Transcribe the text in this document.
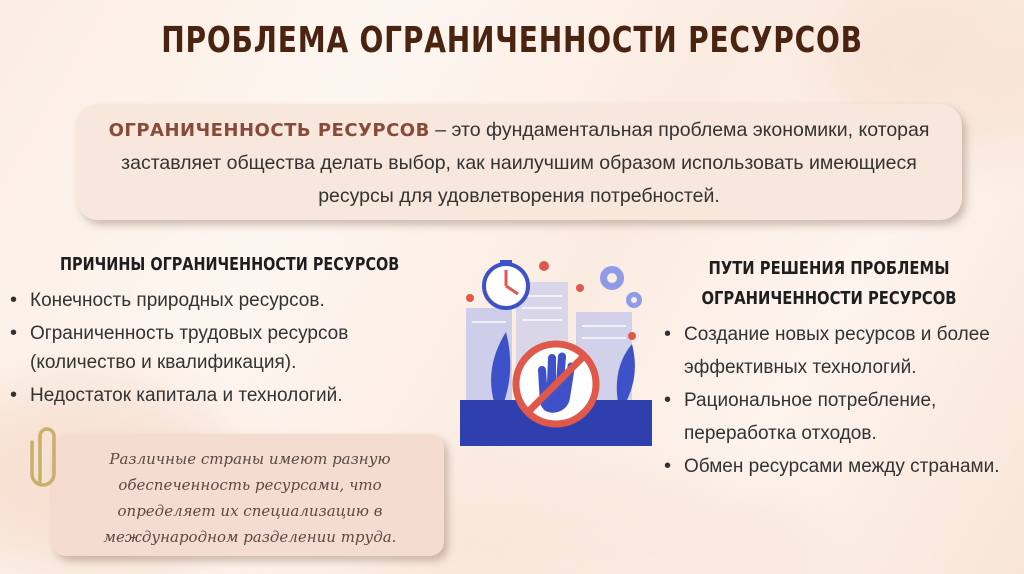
ПРОБЛЕМА ОГРАНИЧЕННОСТИ РЕСУРСОВ
ОГРАНИЧЕННОСТЬ РЕСУРСОВ – это фундаментальная проблема экономики, которая заставляет общества делать выбор, как наилучшим образом использовать имеющиеся ресурсы для удовлетворения потребностей.
ПРИЧИНЫ ОГРАНИЧЕННОСТИ РЕСУРСОВ
• Конечность природных ресурсов.
• Ограниченность трудовых ресурсов (количество и квалификация).
• Недостаток капитала и технологий.
ПУТИ РЕШЕНИЯ ПРОБЛЕМЫ ОГРАНИЧЕННОСТИ РЕСУРСОВ
• Создание новых ресурсов и более эффективных технологий.
• Рациональное потребление, переработка отходов.
• Обмен ресурсами между странами.
Различные страны имеют разную обеспеченность ресурсами, что определяет их специализацию в международном разделении труда.
